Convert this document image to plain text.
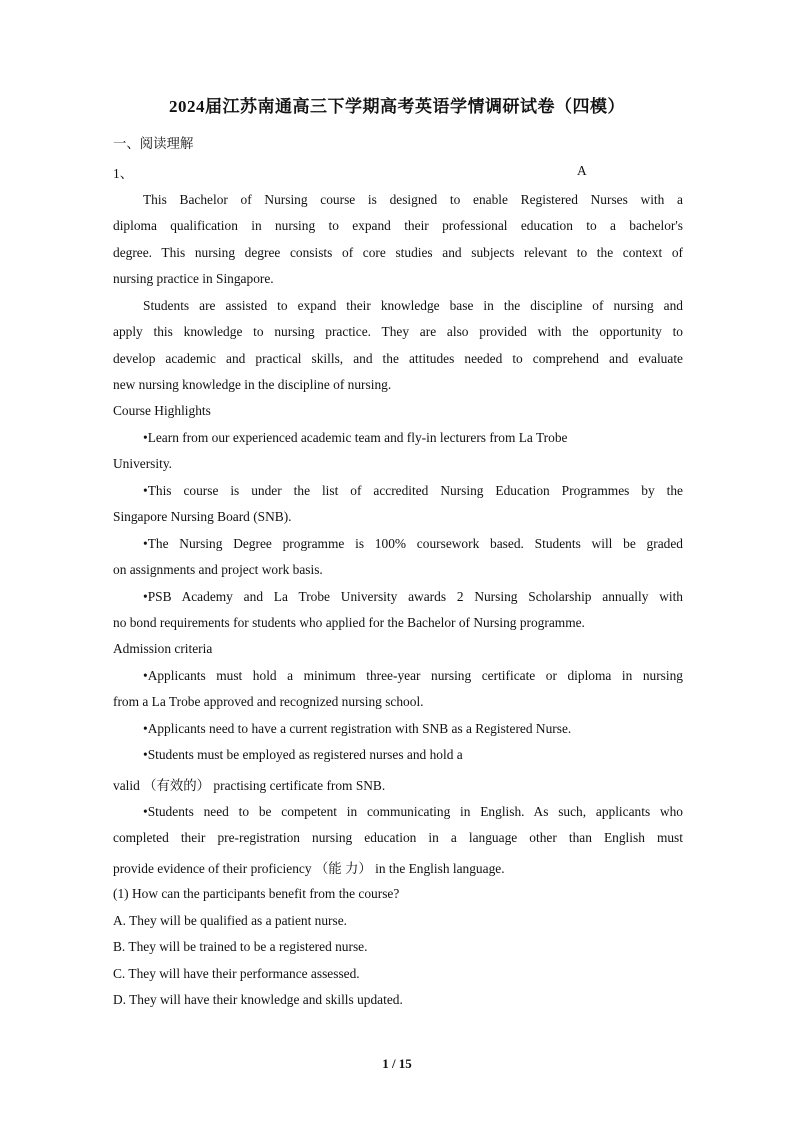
2024届江苏南通高三下学期高考英语学情调研试卷（四模）
一、阅读理解
1、	A
This Bachelor of Nursing course is designed to enable Registered Nurses with a
diploma qualification in nursing to expand their professional education to a bachelor's
degree. This nursing degree consists of core studies and subjects relevant to the context of
nursing practice in Singapore.
Students are assisted to expand their knowledge base in the discipline of nursing and
apply this knowledge to nursing practice. They are also provided with the opportunity to
develop academic and practical skills, and the attitudes needed to comprehend and evaluate
new nursing knowledge in the discipline of nursing.
Course Highlights
•Learn from our experienced academic team and fly-in lecturers from La Trobe
University.
•This course is under the list of accredited Nursing Education Programmes by the
Singapore Nursing Board (SNB).
•The Nursing Degree programme is 100% coursework based. Students will be graded
on assignments and project work basis.
•PSB Academy and La Trobe University awards 2 Nursing Scholarship annually with
no bond requirements for students who applied for the Bachelor of Nursing programme.
Admission criteria
•Applicants must hold a minimum three-year nursing certificate or diploma in nursing
from a La Trobe approved and recognized nursing school.
•Applicants need to have a current registration with SNB as a Registered Nurse.
•Students must be employed as registered nurses and hold a
valid （有效的） practising certificate from SNB.
•Students need to be competent in communicating in English. As such, applicants who
completed their pre-registration nursing education in a language other than English must
provide evidence of their proficiency （能 力） in the English language.
(1) How can the participants benefit from the course?
A. They will be qualified as a patient nurse.
B. They will be trained to be a registered nurse.
C. They will have their performance assessed.
D. They will have their knowledge and skills updated.
1 / 15
